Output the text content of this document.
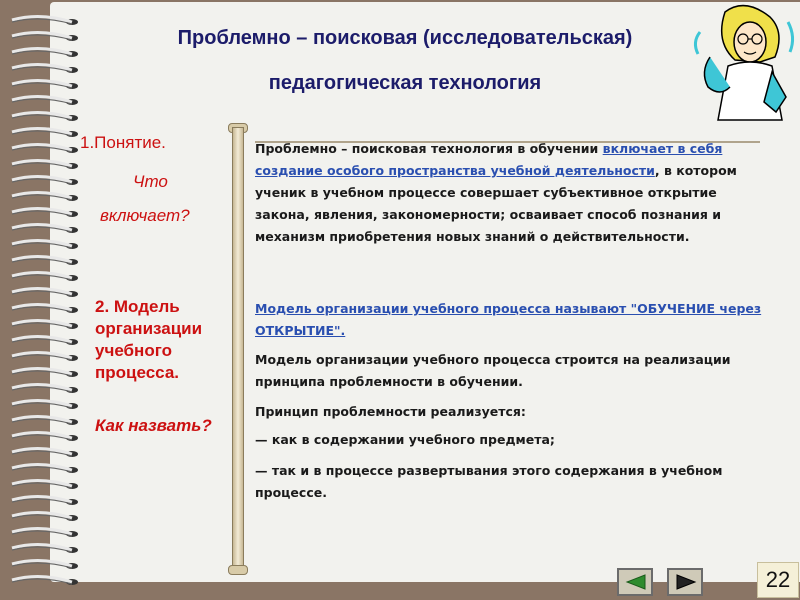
Проблемно – поисковая (исследовательская)
педагогическая технология
1.Понятие.
Что
включает?
2. Модель организации учебного процесса.
Как назвать?
Проблемно – поисковая технология в обучении включает в себя создание особого пространства учебной деятельности, в котором ученик в учебном процессе совершает субъективное открытие закона, явления, закономерности; осваивает способ познания и механизм приобретения новых знаний о действительности.
Модель организации учебного процесса называют "ОБУЧЕНИЕ через ОТКРЫТИЕ".
Модель организации учебного процесса строится на реализации принципа проблемности в обучении.
Принцип проблемности реализуется:
— как в содержании учебного предмета;
— так и в процессе развертывания этого содержания в учебном процессе.
22
